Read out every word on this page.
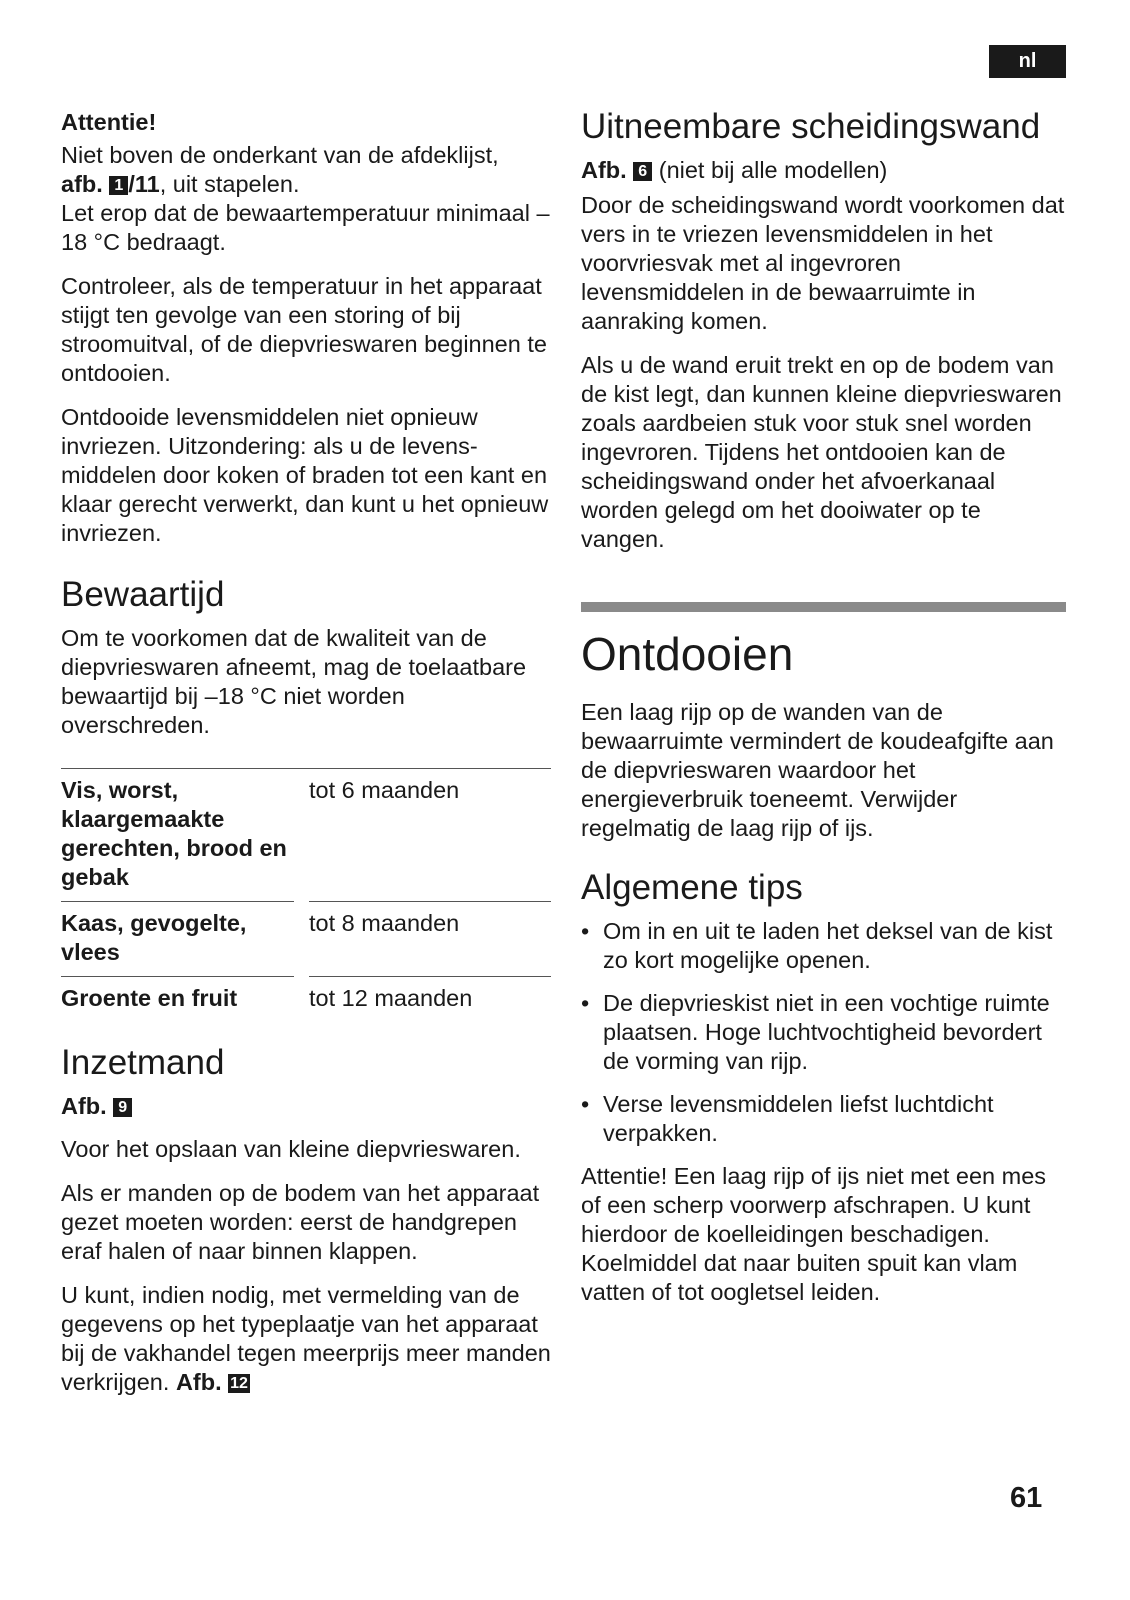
nl

Attentie!

Niet boven de onderkant van de afdeklijst,
afb. 1 /11, uit stapelen.
Let erop dat de bewaartemperatuur minimaal –18 °C bedraagt.

Controleer, als de temperatuur in het apparaat stijgt ten gevolge van een storing of bij stroomuitval, of de diepvrieswaren beginnen te ontdooien.

Ontdooide levensmiddelen niet opnieuw invriezen. Uitzondering: als u de levensmiddelen door koken of braden tot een kant en klaar gerecht verwerkt, dan kunt u het opnieuw invriezen.

Bewaartijd

Om te voorkomen dat de kwaliteit van de diepvrieswaren afneemt, mag de toelaatbare bewaartijd bij –18 °C niet worden overschreden.

Vis, worst, klaargemaakte gerechten, brood en gebak
tot 6 maanden
Kaas, gevogelte, vlees
tot 8 maanden
Groente en fruit	tot 12 maanden
Inzetmand

Afb. 9

Voor het opslaan van kleine diepvrieswaren.

Als er manden op de bodem van het apparaat gezet moeten worden: eerst de handgrepen eraf halen of naar binnen klappen.

U kunt, indien nodig, met vermelding van de gegevens op het typeplaatje van het apparaat bij de vakhandel tegen meerprijs meer manden verkrijgen. Afb. 12

Uitneembare scheidingswand

Afb. 6 (niet bij alle modellen)

Door de scheidingswand wordt voorkomen dat vers in te vriezen levensmiddelen in het voorvriesvak met al ingevroren levensmiddelen in de bewaarruimte in aanraking komen.

Als u de wand eruit trekt en op de bodem van de kist legt, dan kunnen kleine diepvrieswaren zoals aardbeien stuk voor stuk snel worden ingevroren. Tijdens het ontdooien kan de scheidingswand onder het afvoerkanaal worden gelegd om het dooiwater op te vangen.

Ontdooien

Een laag rijp op de wanden van de bewaarruimte vermindert de koudeafgifte aan de diepvrieswaren waardoor het energieverbruik toeneemt. Verwijder regelmatig de laag rijp of ijs.

Algemene tips
• Om in en uit te laden het deksel van de kist zo kort mogelijke openen.
• De diepvrieskist niet in een vochtige ruimte plaatsen. Hoge luchtvochtigheid bevordert de vorming van rijp.
• Verse levensmiddelen liefst luchtdicht verpakken.

Attentie! Een laag rijp of ijs niet met een mes of een scherp voorwerp afschrapen. U kunt hierdoor de koelleidingen beschadigen. Koelmiddel dat naar buiten spuit kan vlam vatten of tot oogletsel leiden.

61
